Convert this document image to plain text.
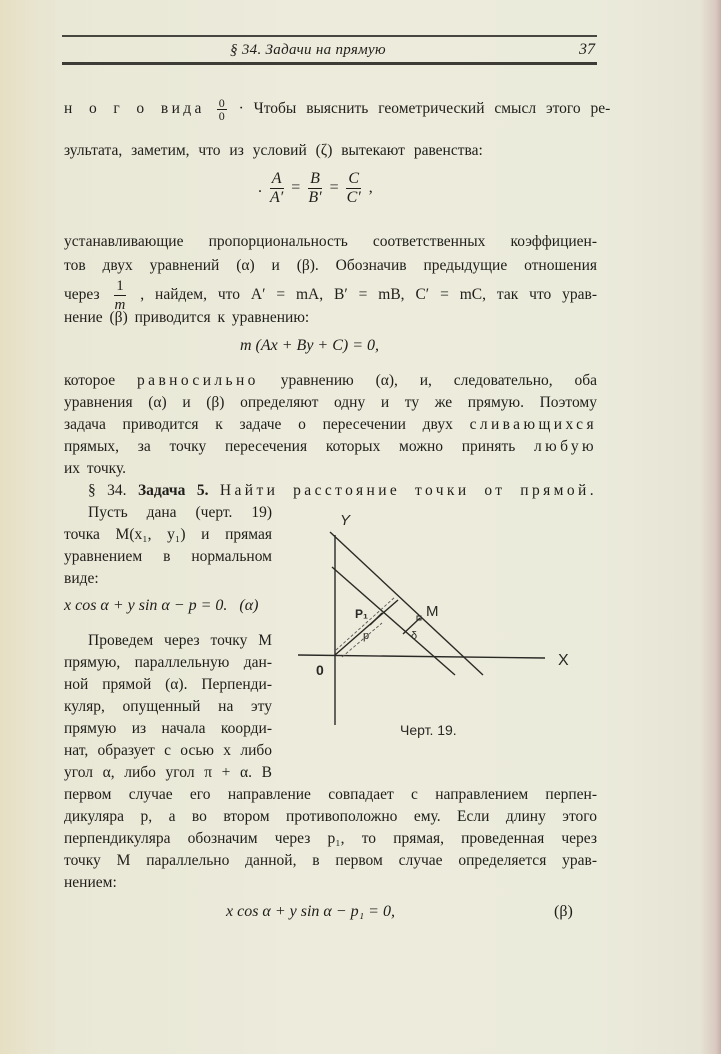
§ 34. Задачи на прямую	37
н о г о вида $\frac{0}{0}$ · Чтобы выяснить геометрический смысл этого ре-
зультата, заметим, что из условий (ζ) вытекают равенства:
. $\frac{A}{A'} = \frac{B}{B'} = \frac{C}{C'}$ ,
устанавливающие пропорциональность соответственных коэффициен-
тов двух уравнений (α) и (β). Обозначив предыдущие отношения
через $\frac{1}{m}$ , найдем, что A′ = mA, B′ = mB, C′ = mC, так что урав-
нение (β) приводится к уравнению:
m (Ax + By + C) = 0,
которое равносильно уравнению (α), и, следовательно, оба
уравнения (α) и (β) определяют одну и ту же прямую. Поэтому
задача приводится к задаче о пересечении двух сливающихся
прямых, за точку пересечения которых можно принять любую
их точку.
§ 34. Задача 5. Найти расстояние точки от прямой.
Пусть дана (черт. 19)
точка M(x₁, y₁) и прямая
уравнением в нормальном
виде:
x cos α + y sin α − p = 0. (α)
Проведем через точку M
прямую, параллельную дан-
ной прямой (α). Перпенди-
куляр, опущенный на эту
прямую из начала коорди-
нат, образует с осью x либо
угол α, либо угол π + α. В
Y
X
0
M
P₁
p	δ
Черт. 19.
первом случае его направление совпадает с направлением перпен-
дикуляра p, а во втором противоположно ему. Если длину этого
перпендикуляра обозначим через p₁, то прямая, проведенная через
точку M параллельно данной, в первом случае определяется урав-
нением:
x cos α + y sin α − p₁ = 0,	(β)
